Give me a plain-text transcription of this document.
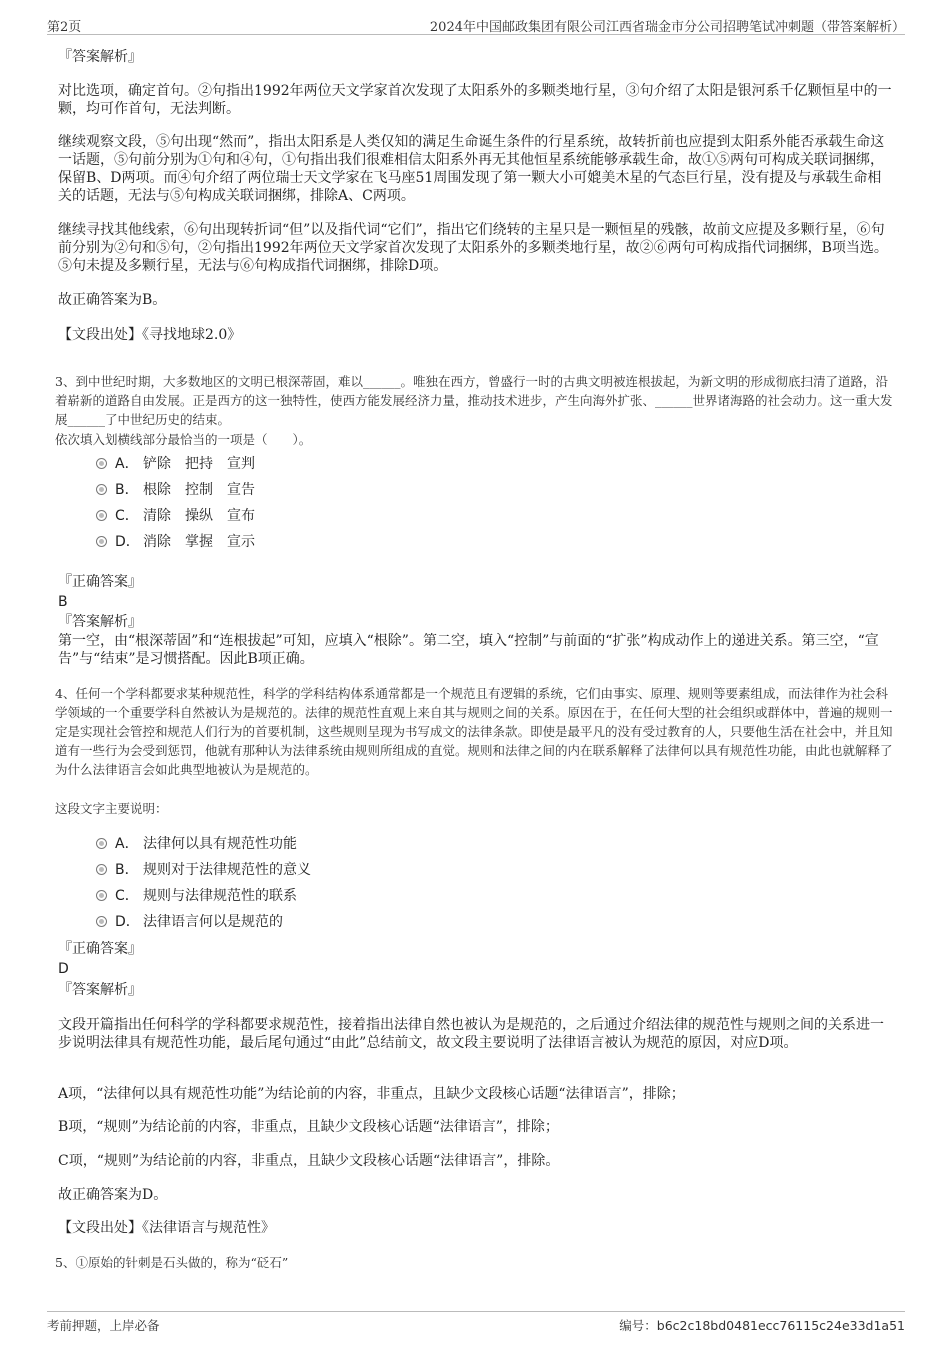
第2页	2024年中国邮政集团有限公司江西省瑞金市分公司招聘笔试冲刺题（带答案解析）
『答案解析』
对比选项，确定首句。②句指出1992年两位天文学家首次发现了太阳系外的多颗类地行星，③句介绍了太阳是银河系千亿颗恒星中的一颗，均可作首句，无法判断。
继续观察文段，⑤句出现“然而”，指出太阳系是人类仅知的满足生命诞生条件的行星系统，故转折前也应提到太阳系外能否承载生命这一话题，⑤句前分别为①句和④句，①句指出我们很难相信太阳系外再无其他恒星系统能够承载生命，故①⑤两句可构成关联词捆绑，保留B、D两项。而④句介绍了两位瑞士天文学家在飞马座51周围发现了第一颗大小可媲美木星的气态巨行星，没有提及与承载生命相关的话题，无法与⑤句构成关联词捆绑，排除A、C两项。
继续寻找其他线索，⑥句出现转折词“但”以及指代词“它们”，指出它们绕转的主星只是一颗恒星的残骸，故前文应提及多颗行星，⑥句前分别为②句和⑤句，②句指出1992年两位天文学家首次发现了太阳系外的多颗类地行星，故②⑥两句可构成指代词捆绑，B项当选。⑤句未提及多颗行星，无法与⑥句构成指代词捆绑，排除D项。
故正确答案为B。
【文段出处】《寻找地球2.0》
3、到中世纪时期，大多数地区的文明已根深蒂固，难以______。唯独在西方，曾盛行一时的古典文明被连根拔起，为新文明的形成彻底扫清了道路，沿着崭新的道路自由发展。正是西方的这一独特性，使西方能发展经济力量，推动技术进步，产生向海外扩张、______世界诸海路的社会动力。这一重大发展______了中世纪历史的结束。
依次填入划横线部分最恰当的一项是（　　）。
A． 铲除　把持　宣判
B． 根除　控制　宣告
C． 清除　操纵　宣布
D． 消除　掌握　宣示
『正确答案』
B
『答案解析』
第一空，由“根深蒂固”和“连根拔起”可知，应填入“根除”。第二空，填入“控制”与前面的“扩张”构成动作上的递进关系。第三空，“宣告”与“结束”是习惯搭配。因此B项正确。
4、任何一个学科都要求某种规范性，科学的学科结构体系通常都是一个规范且有逻辑的系统，它们由事实、原理、规则等要素组成，而法律作为社会科学领域的一个重要学科自然被认为是规范的。法律的规范性直观上来自其与规则之间的关系。原因在于，在任何大型的社会组织或群体中，普遍的规则一定是实现社会管控和规范人们行为的首要机制，这些规则呈现为书写成文的法律条款。即使是最平凡的没有受过教育的人，只要他生活在社会中，并且知道有一些行为会受到惩罚，他就有那种认为法律系统由规则所组成的直觉。规则和法律之间的内在联系解释了法律何以具有规范性功能，由此也就解释了为什么法律语言会如此典型地被认为是规范的。
这段文字主要说明：
A． 法律何以具有规范性功能
B． 规则对于法律规范性的意义
C． 规则与法律规范性的联系
D． 法律语言何以是规范的
『正确答案』
D
『答案解析』
文段开篇指出任何科学的学科都要求规范性，接着指出法律自然也被认为是规范的，之后通过介绍法律的规范性与规则之间的关系进一步说明法律具有规范性功能，最后尾句通过“由此”总结前文，故文段主要说明了法律语言被认为规范的原因，对应D项。
A项，“法律何以具有规范性功能”为结论前的内容，非重点，且缺少文段核心话题“法律语言”，排除；
B项，“规则”为结论前的内容，非重点，且缺少文段核心话题“法律语言”，排除；
C项，“规则”为结论前的内容，非重点，且缺少文段核心话题“法律语言”，排除。
故正确答案为D。
【文段出处】《法律语言与规范性》
5、①原始的针刺是石头做的，称为“砭石”
考前押题，上岸必备	编号：b6c2c18bd0481ecc76115c24e33d1a51
